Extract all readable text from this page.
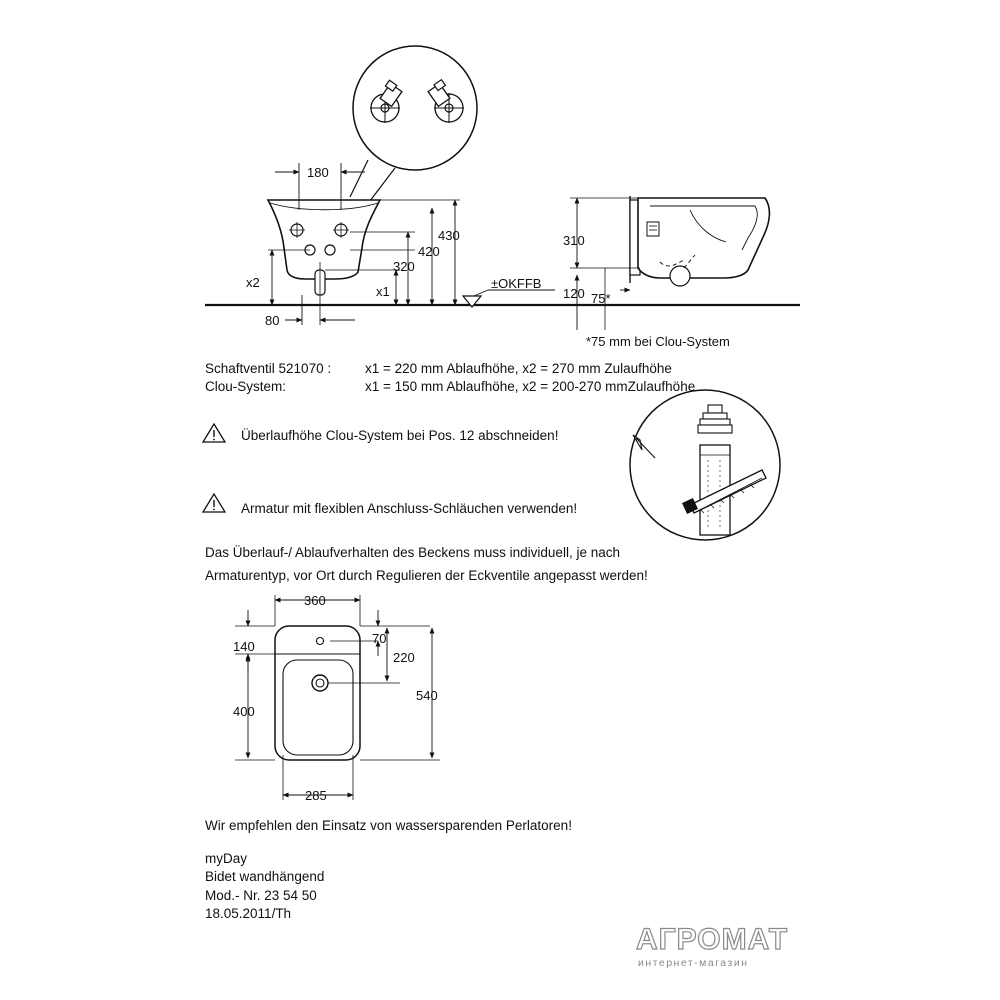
180
430
420
320
x2
x1
80
±OKFFB
310
120 75*
*75 mm bei Clou-System
Schaftventil 521070 :	x1 = 220 mm Ablaufhöhe, x2 = 270 mm Zulaufhöhe
Clou-System:	x1 = 150 mm Ablaufhöhe, x2 = 200-270 mmZulaufhöhe
Überlaufhöhe Clou-System bei Pos. 12 abschneiden!
Armatur mit flexiblen Anschluss-Schläuchen verwenden!
Das Überlauf-/ Ablaufverhalten des Beckens muss individuell, je nach
Armaturentyp, vor Ort durch Regulieren der Eckventile angepasst werden!
360
140
400
70
220
540
285
Wir empfehlen den Einsatz von wassersparenden Perlatoren!
myDay
Bidet wandhängend
Mod.- Nr. 23 54 50
18.05.2011/Th
АГРОМАТ
интернет-магазин
